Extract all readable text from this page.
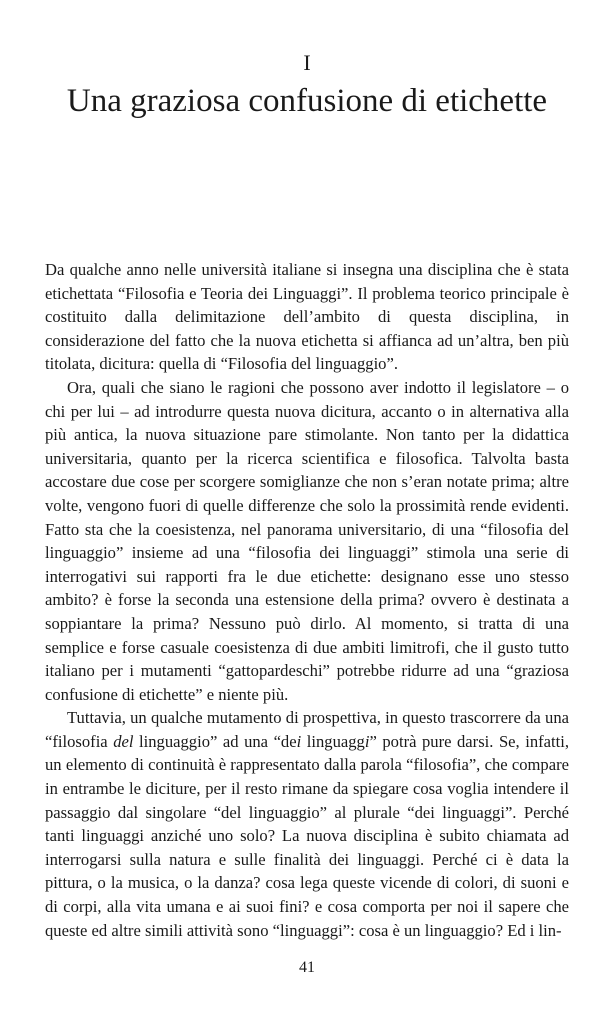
I
Una graziosa confusione di etichette

Da qualche anno nelle università italiane si insegna una disciplina che è stata etichettata “Filosofia e Teoria dei Linguaggi”. Il problema teorico principale è costituito dalla delimitazione dell’ambito di questa disciplina, in considerazione del fatto che la nuova etichetta si affianca ad un’altra, ben più titolata, dicitura: quella di “Filosofia del linguaggio”.

Ora, quali che siano le ragioni che possono aver indotto il legislatore – o chi per lui – ad introdurre questa nuova dicitura, accanto o in alternativa alla più antica, la nuova situazione pare stimolante. Non tanto per la didattica universitaria, quanto per la ricerca scientifica e filosofica. Talvolta basta accostare due cose per scorgere somiglianze che non s’eran notate prima; altre volte, vengono fuori di quelle differenze che solo la prossimità rende evidenti. Fatto sta che la coesistenza, nel panorama universitario, di una “filosofia del linguaggio” insieme ad una “filosofia dei linguaggi” stimola una serie di interrogativi sui rapporti fra le due etichette: designano esse uno stesso ambito? è forse la seconda una estensione della prima? ovvero è destinata a soppiantare la prima? Nessuno può dirlo. Al momento, si tratta di una semplice e forse casuale coesistenza di due ambiti limitrofi, che il gusto tutto italiano per i mutamenti “gattopardeschi” potrebbe ridurre ad una “graziosa confusione di etichette” e niente più.

Tuttavia, un qualche mutamento di prospettiva, in questo trascorrere da una “filosofia del linguaggio” ad una “dei linguaggi” potrà pure darsi. Se, infatti, un elemento di continuità è rappresentato dalla parola “filosofia”, che compare in entrambe le diciture, per il resto rimane da spiegare cosa voglia intendere il passaggio dal singolare “del linguaggio” al plurale “dei linguaggi”. Perché tanti linguaggi anziché uno solo? La nuova disciplina è subito chiamata ad interrogarsi sulla natura e sulle finalità dei linguaggi. Perché ci è data la pittura, o la musica, o la danza? cosa lega queste vicende di colori, di suoni e di corpi, alla vita umana e ai suoi fini? e cosa comporta per noi il sapere che queste ed altre simili attività sono “linguaggi”: cosa è un linguaggio? Ed i lin-

41
